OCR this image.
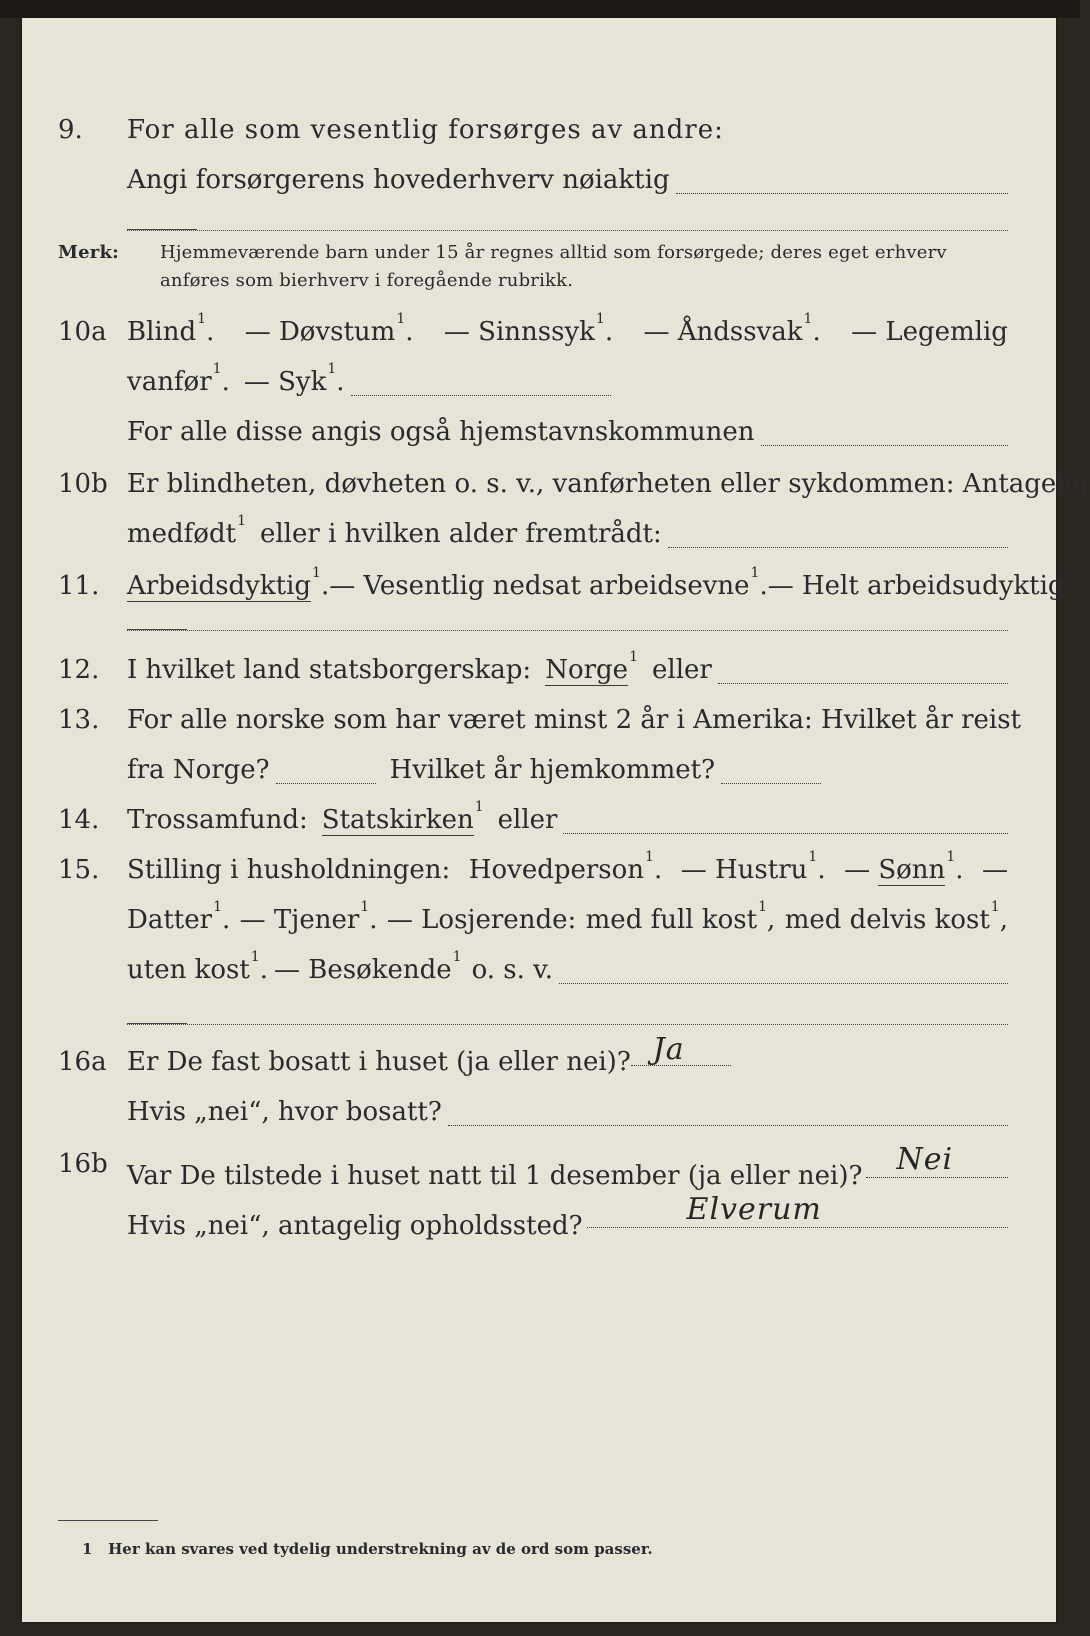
9. For alle som vesentlig forsørges av andre:
Angi forsørgerens hovederhverv nøiaktig
Merk: Hjemmeværende barn under 15 år regnes alltid som forsørgede; deres eget erhverv
anføres som bierhverv i foregående rubrikk.
10a Blind$^1$. — Døvstum$^1$. — Sinnssyk$^1$. — Åndssvak$^1$. — Legemlig
vanfør$^1$. — Syk$^1$.
For alle disse angis også hjemstavnskommunen
10b Er blindheten, døvheten o. s. v., vanførheten eller sykdommen: Antagelig
medfødt$^1$ eller i hvilken alder fremtrådt:
11. Arbeidsdyktig$^1$. — Vesentlig nedsat arbeidsevne$^1$. — Helt arbeidsudyktig$^1$.
12. I hvilket land statsborgerskap: Norge$^1$ eller
13. For alle norske som har været minst 2 år i Amerika: Hvilket år reist
fra Norge?	Hvilket år hjemkommet?
14. Trossamfund: Statskirken$^1$ eller
15. Stilling i husholdningen: Hovedperson$^1$. — Hustru$^1$. — Sønn$^1$. —
Datter$^1$. — Tjener$^1$. — Losjerende: med full kost$^1$, med delvis kost$^1$,
uten kost$^1$. — Besøkende$^1$ o. s. v.
16a Er De fast bosatt i huset (ja eller nei)? Ja
Hvis „nei“, hvor bosatt?
16b Var De tilstede i huset natt til 1 desember (ja eller nei)? Nei
Hvis „nei“, antagelig opholdssted?	Elverum
1 Her kan svares ved tydelig understrekning av de ord som passer.
